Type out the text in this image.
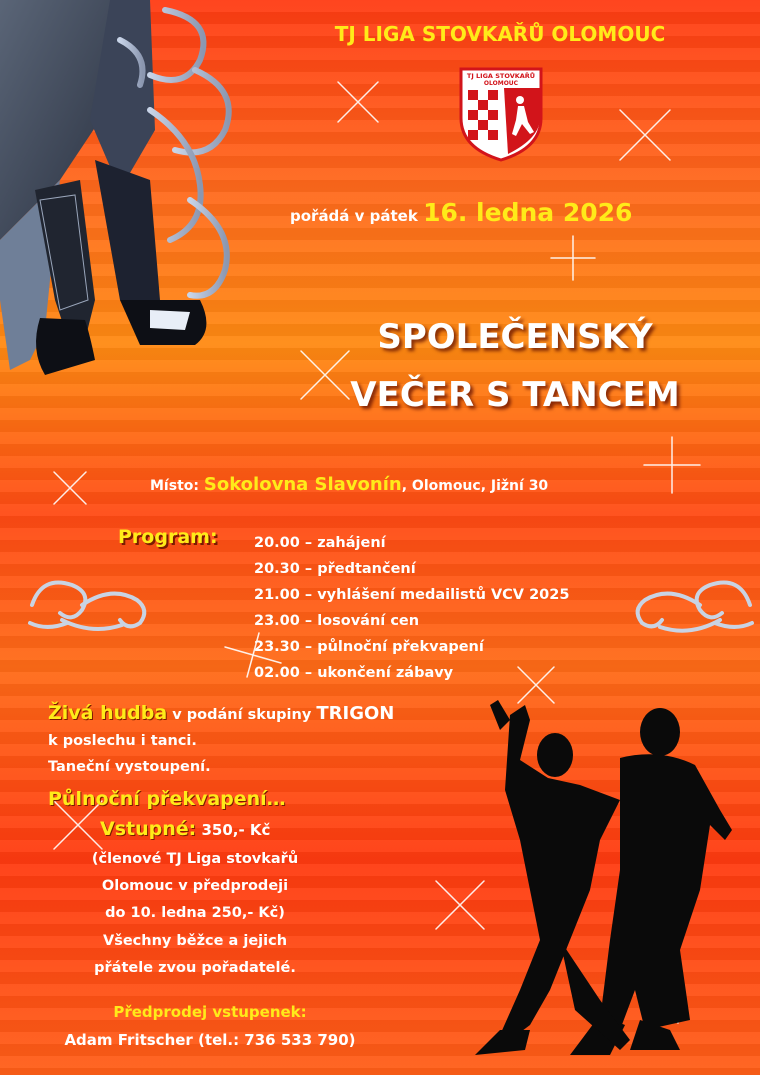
TJ LIGA STOVKAŘŮ OLOMOUC
TJ LIGA STOVKAŘŮ
OLOMOUC
pořádá v pátek 16. ledna 2026
SPOLEČENSKÝ
VEČER S TANCEM
Místo: Sokolovna Slavonín, Olomouc, Jižní 30
Program:	20.00 – zahájení
20.30 – předtančení
21.00 – vyhlášení medailistů VCV 2025
23.00 – losování cen
23.30 – půlnoční překvapení
02.00 – ukončení zábavy
Živá hudba v podání skupiny TRIGON
k poslechu i tanci.
Taneční vystoupení.
Půlnoční překvapení…
Vstupné: 350,- Kč
(členové TJ Liga stovkařů
Olomouc v předprodeji
do 10. ledna 250,- Kč)
Všechny běžce a jejich
přátele zvou pořadatelé.
Předprodej vstupenek:
Adam Fritscher (tel.: 736 533 790)
